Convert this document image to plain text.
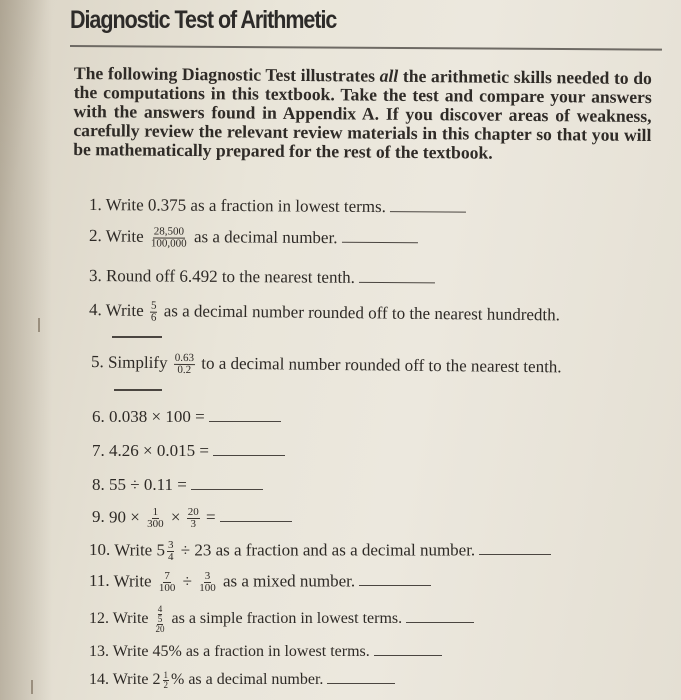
Diagnostic Test of Arithmetic
The following Diagnostic Test illustrates all the arithmetic skills needed to do the computations in this textbook. Take the test and compare your answers with the answers found in Appendix A. If you discover areas of weakness, carefully review the relevant review materials in this chapter so that you will be mathematically prepared for the rest of the textbook.
1. Write 0.375 as a fraction in lowest terms.
2. Write $\frac{28,500}{100,000}$ as a decimal number.
3. Round off 6.492 to the nearest tenth.
4. Write $\frac{5}{6}$ as a decimal number rounded off to the nearest hundredth.
5. Simplify $\frac{0.63}{0.2}$ to a decimal number rounded off to the nearest tenth.
6. 0.038 × 100 =
7. 4.26 × 0.015 =
8. 55 ÷ 0.11 =
9. $90 \times \frac{1}{300} \times \frac{20}{3}$ =
10. Write $5 \frac{3}{4} \div 23$ as a fraction and as a decimal number.
11. Write $\frac{7}{100} \div \frac{3}{100}$ as a mixed number.
12. Write $\frac{\frac{4}{5}}{20}$ as a simple fraction in lowest terms.
13. Write 45% as a fraction in lowest terms.
14. Write $2 \frac{1}{2}$ % as a decimal number.
